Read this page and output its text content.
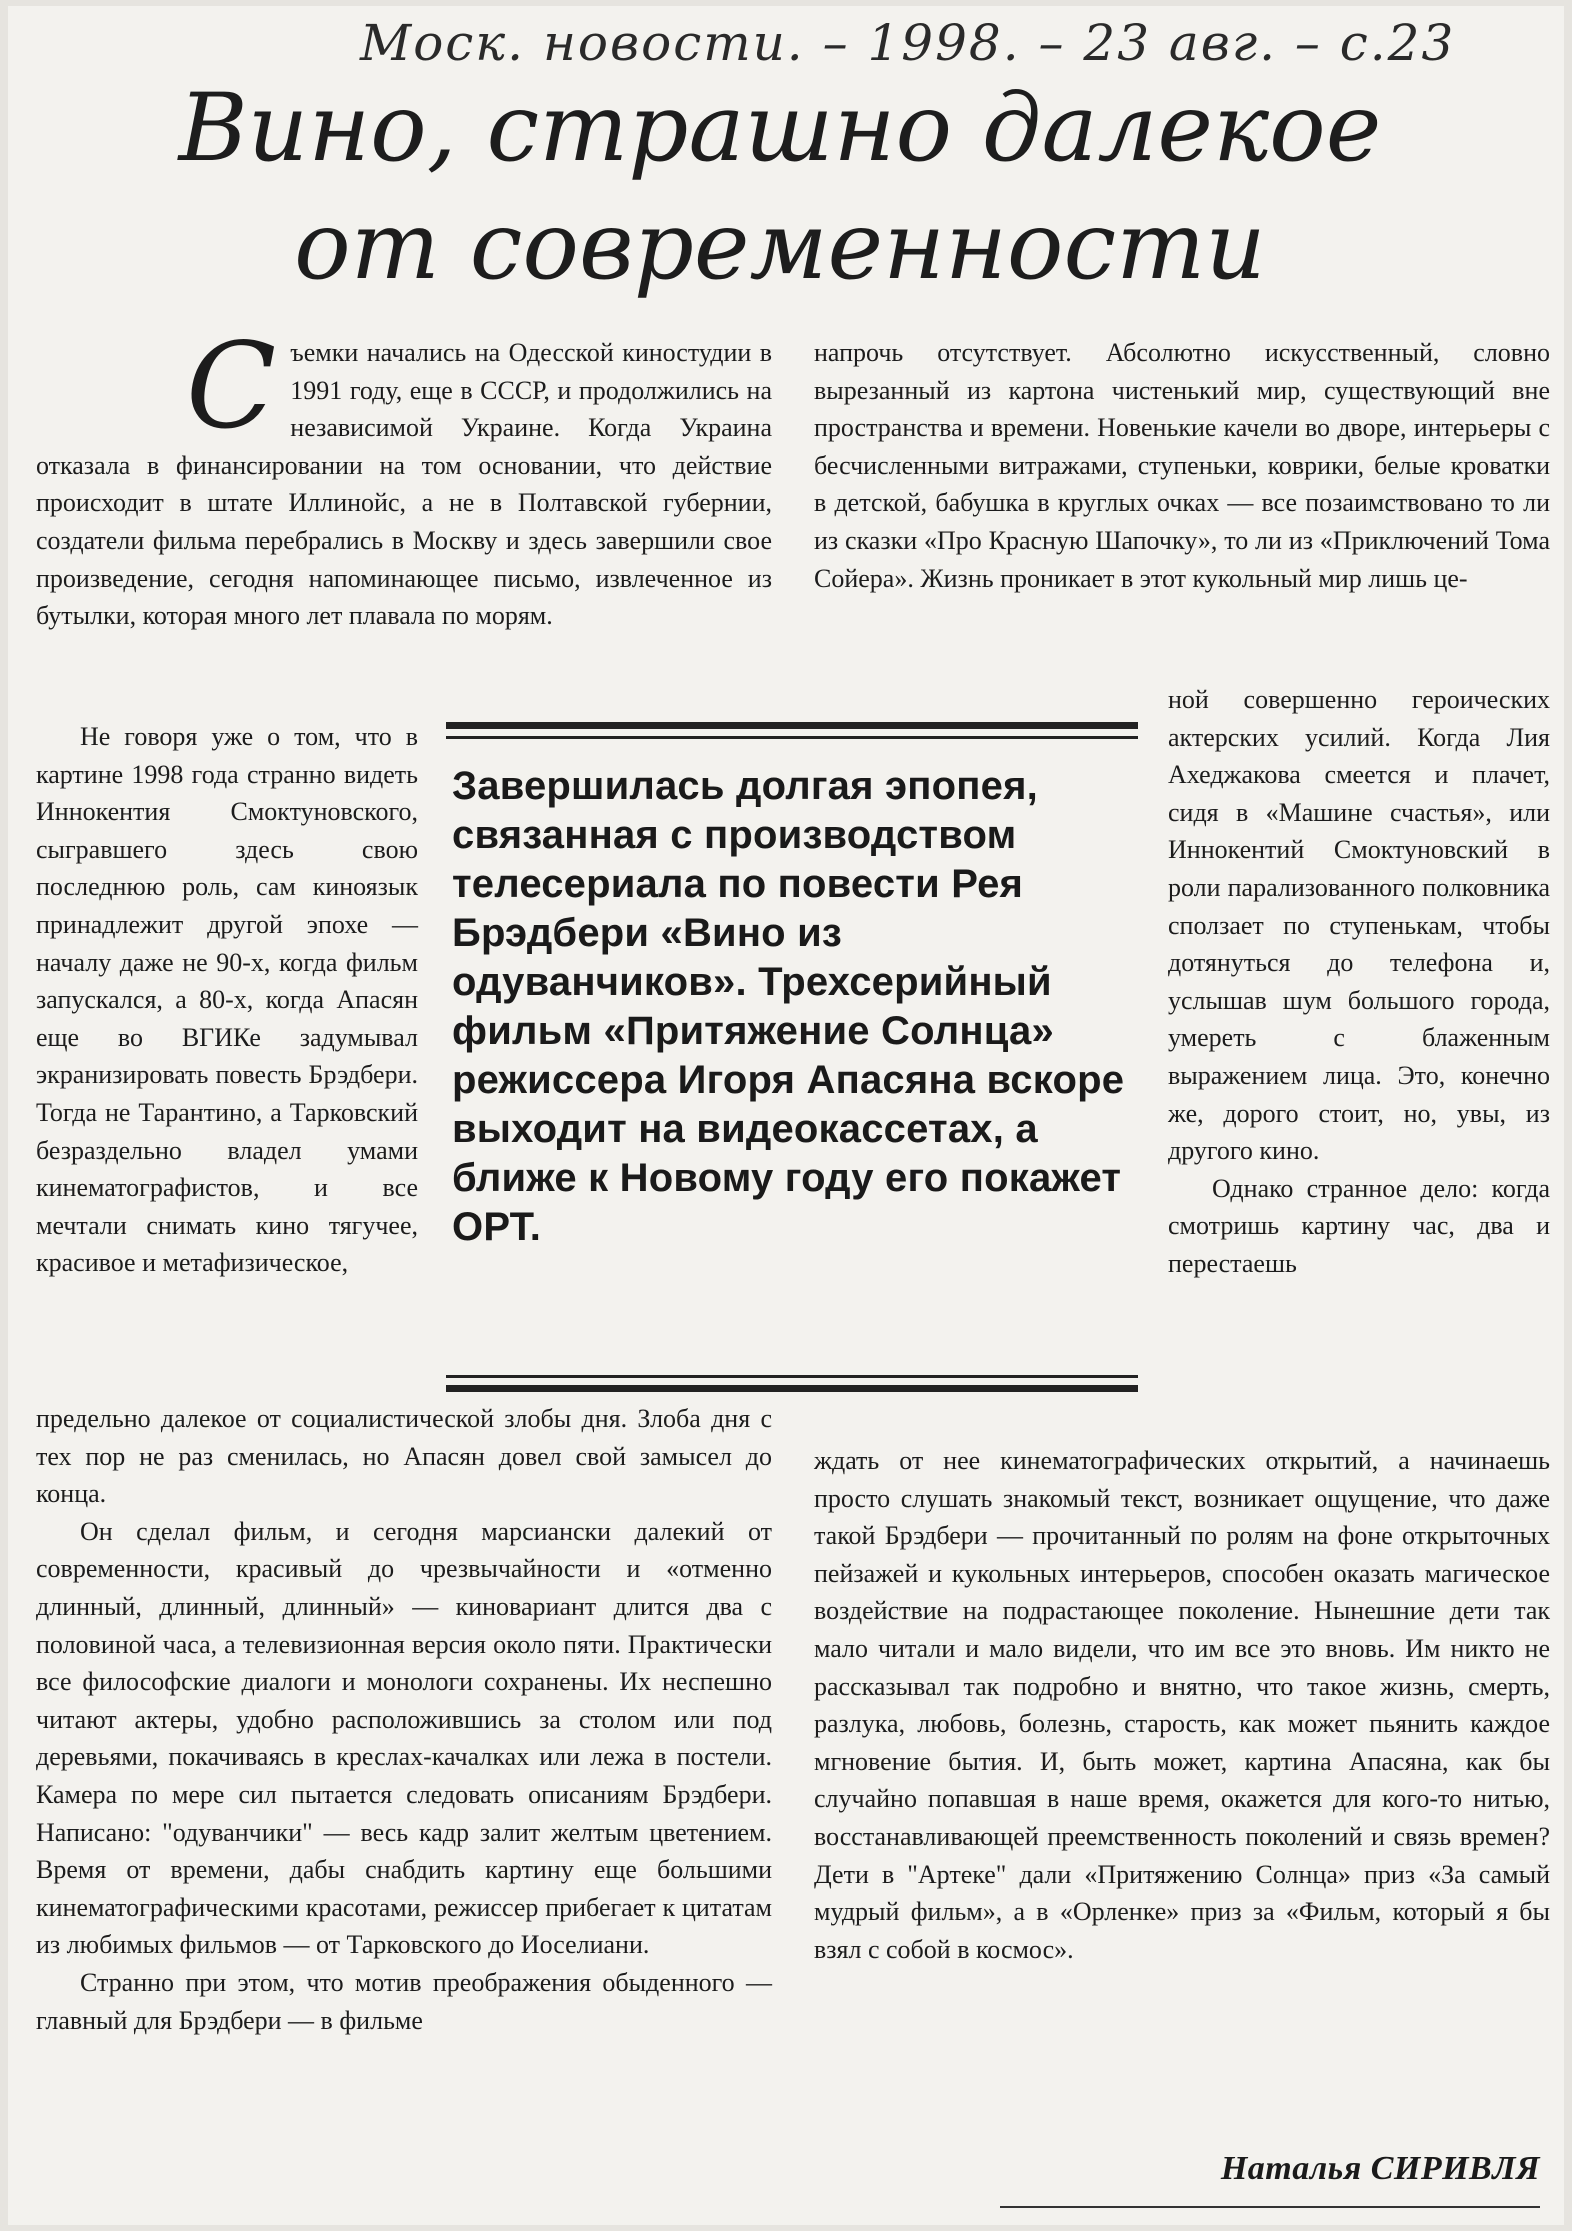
Моск. новости. – 1998. – 23 авг. – с.23
Вино, страшно далекое
от современности

Съемки начались на Одесской киностудии в 1991 году, еще в СССР, и продолжились на независимой Украине. Когда Украина отказала в финансировании на том основании, что действие происходит в штате Иллинойс, а не в Полтавской губернии, создатели фильма перебрались в Москву и здесь завершили свое произведение, сегодня напоминающее письмо, извлеченное из бутылки, которая много лет плавала по морям.

Не говоря уже о том, что в картине 1998 года странно видеть Иннокентия Смоктуновского, сыгравшего здесь свою последнюю роль, сам киноязык принадлежит другой эпохе — началу даже не 90-х, когда фильм запускался, а 80-х, когда Апасян еще во ВГИКе задумывал экранизировать повесть Брэдбери. Тогда не Тарантино, а Тарковский безраздельно владел умами кинематографистов, и все мечтали снимать кино тягучее, красивое и метафизическое,

Завершилась долгая эпопея, связанная с производством телесериала по повести Рея Брэдбери «Вино из одуванчиков». Трехсерийный фильм «Притяжение Солнца» режиссера Игоря Апасяна вскоре выходит на видеокассетах, а ближе к Новому году его покажет ОРТ.

предельно далекое от социалистической злобы дня. Злоба дня с тех пор не раз сменилась, но Апасян довел свой замысел до конца.

Он сделал фильм, и сегодня марсиански далекий от современности, красивый до чрезвычайности и «отменно длинный, длинный, длинный» — киновариант длится два с половиной часа, а телевизионная версия около пяти. Практически все философские диалоги и монологи сохранены. Их неспешно читают актеры, удобно расположившись за столом или под деревьями, покачиваясь в креслах-качалках или лежа в постели. Камера по мере сил пытается следовать описаниям Брэдбери. Написано: "одуванчики" — весь кадр залит желтым цветением. Время от времени, дабы снабдить картину еще большими кинематографическими красотами, режиссер прибегает к цитатам из любимых фильмов — от Тарковского до Иоселиани.

Странно при этом, что мотив преображения обыденного — главный для Брэдбери — в фильме

напрочь отсутствует. Абсолютно искусственный, словно вырезанный из картона чистенький мир, существующий вне пространства и времени. Новенькие качели во дворе, интерьеры с бесчисленными витражами, ступеньки, коврики, белые кроватки в детской, бабушка в круглых очках — все позаимствовано то ли из сказки «Про Красную Шапочку», то ли из «Приключений Тома Сойера». Жизнь проникает в этот кукольный мир лишь це-

ной совершенно героических актерских усилий. Когда Лия Ахеджакова смеется и плачет, сидя в «Машине счастья», или Иннокентий Смоктуновский в роли парализованного полковника сползает по ступенькам, чтобы дотянуться до телефона и, услышав шум большого города, умереть с блаженным выражением лица. Это, конечно же, дорого стоит, но, увы, из другого кино.

Однако странное дело: когда смотришь картину час, два и перестаешь

ждать от нее кинематографических открытий, а начинаешь просто слушать знакомый текст, возникает ощущение, что даже такой Брэдбери — прочитанный по ролям на фоне открыточных пейзажей и кукольных интерьеров, способен оказать магическое воздействие на подрастающее поколение. Нынешние дети так мало читали и мало видели, что им все это вновь. Им никто не рассказывал так подробно и внятно, что такое жизнь, смерть, разлука, любовь, болезнь, старость, как может пьянить каждое мгновение бытия. И, быть может, картина Апасяна, как бы случайно попавшая в наше время, окажется для кого-то нитью, восстанавливающей преемственность поколений и связь времен? Дети в "Артеке" дали «Притяжению Солнца» приз «За самый мудрый фильм», а в «Орленке» приз за «Фильм, который я бы взял с собой в космос».

Наталья СИРИВЛЯ
